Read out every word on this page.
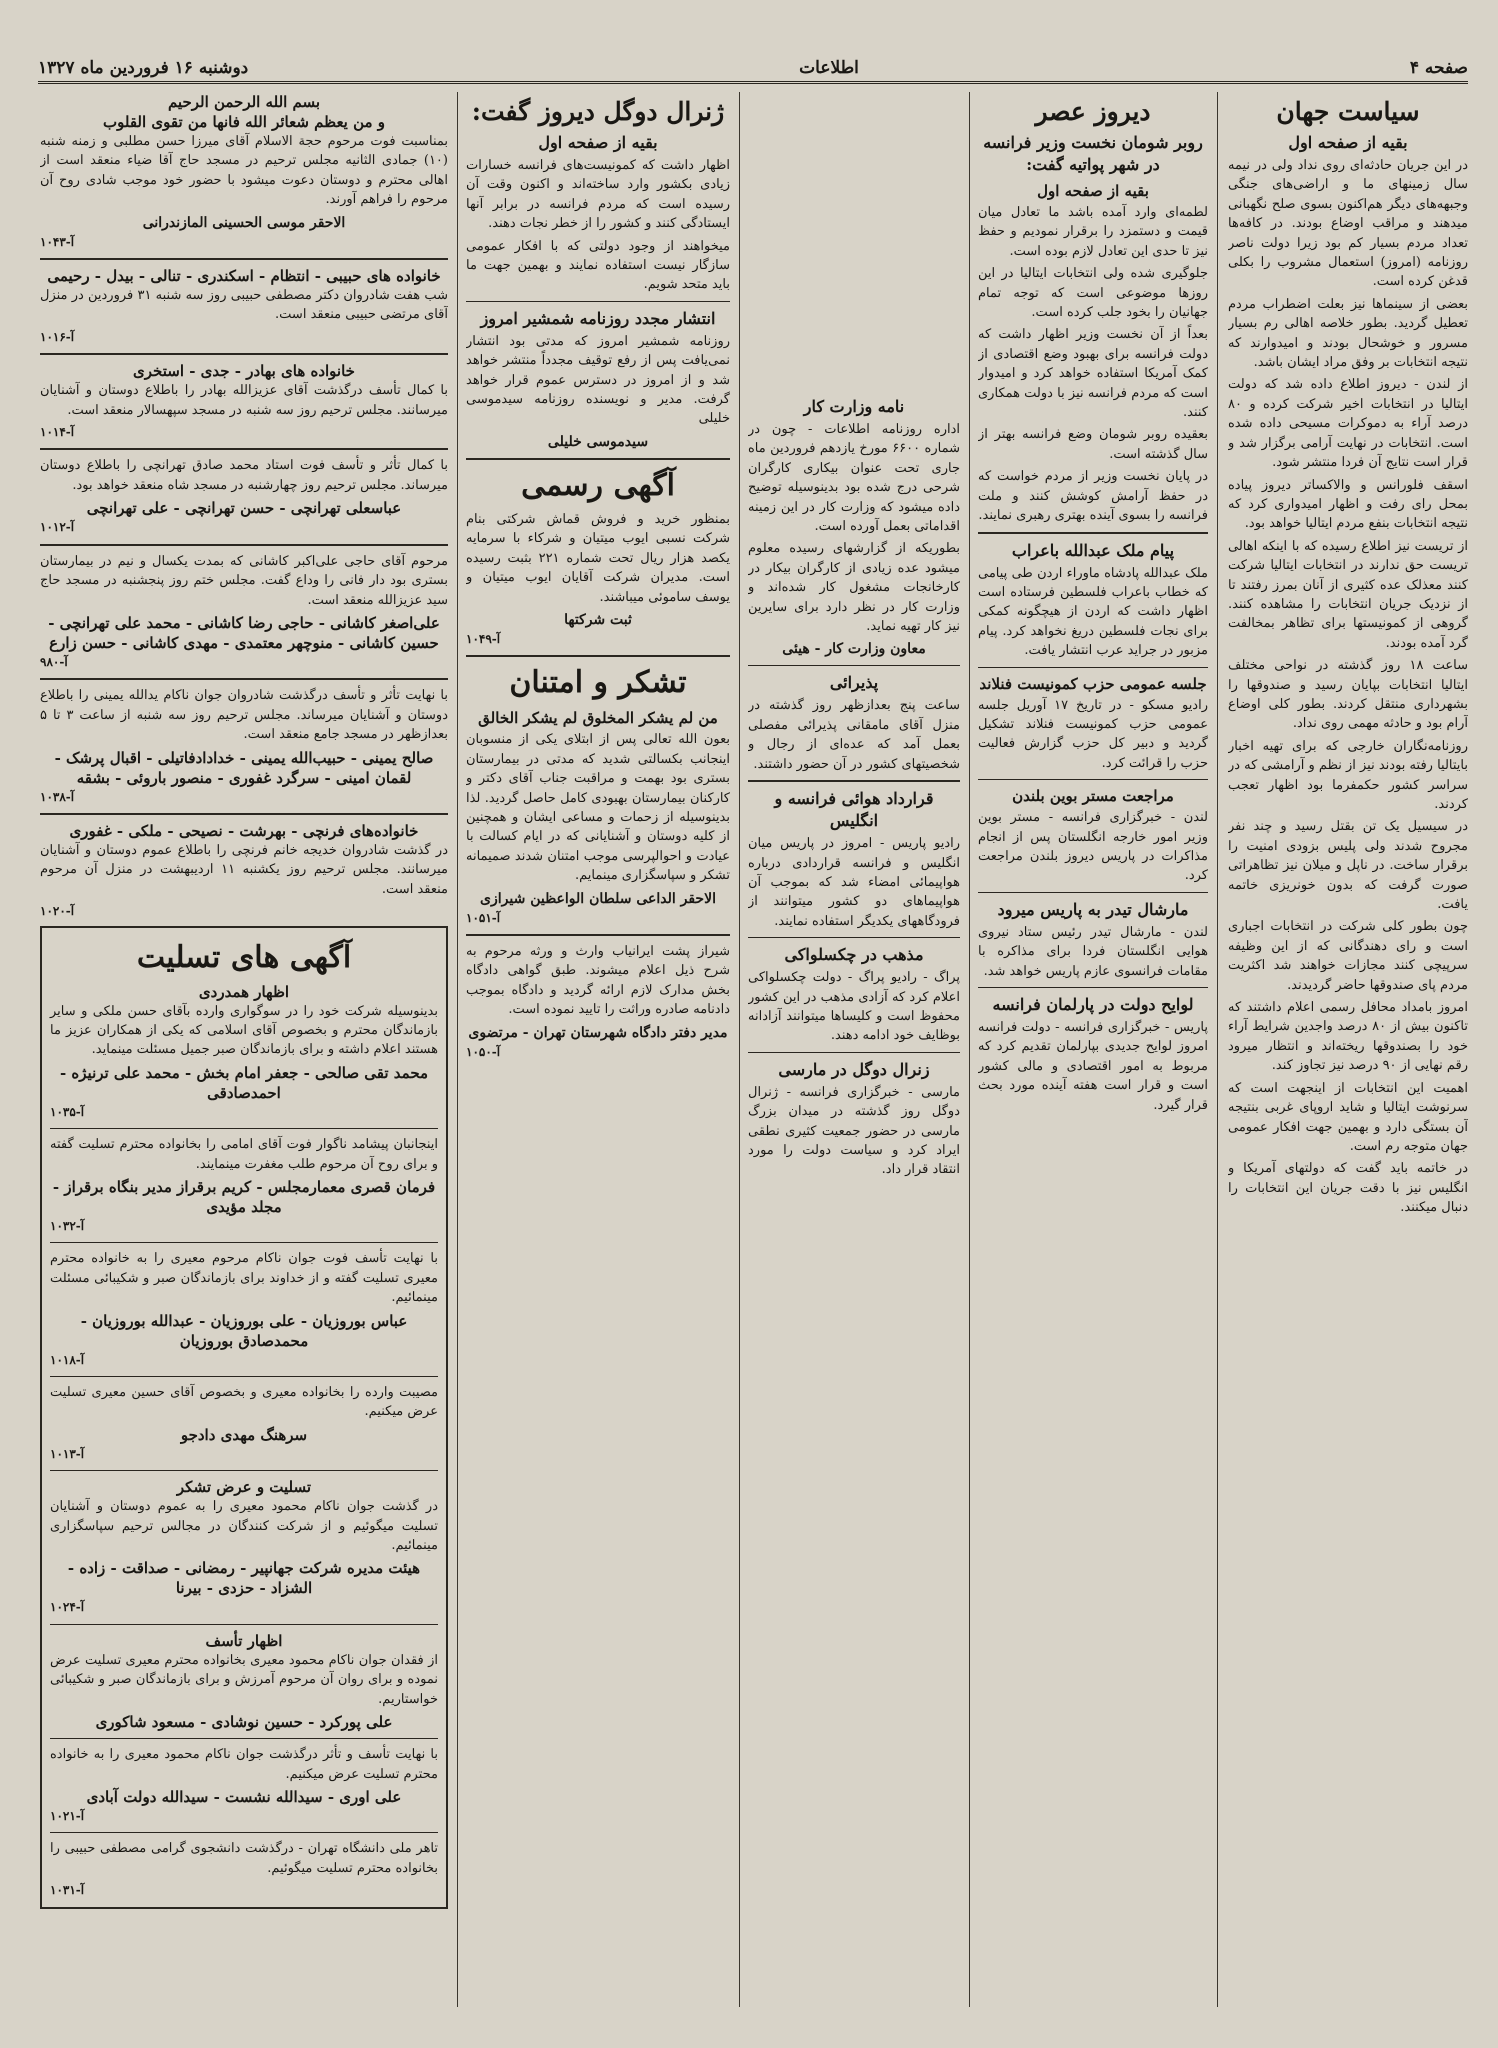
صفحه ۴
اطلاعات
دوشنبه ۱۶ فروردین ماه ۱۳۲۷
سیاست جهان
بقیه از صفحه اول

در این جریان حادثه‌ای روی نداد ولی در نیمه سال زمینهای ما و اراضی‌های جنگی وجبهه‌های دیگر هم‌اکنون بسوی صلح نگهبانی میدهند و مراقب اوضاع بودند. در کافه‌ها تعداد مردم بسیار کم بود زیرا دولت ناصر روزنامه (امروز) استعمال مشروب را بکلی قدغن کرده است.

بعضی از سینماها نیز بعلت اضطراب مردم تعطیل گردید. بطور خلاصه اهالی رم بسیار مسرور و خوشحال بودند و امیدوارند که نتیجه انتخابات بر وفق مراد ایشان باشد.

از لندن - دیروز اطلاع داده شد که دولت ایتالیا در انتخابات اخیر شرکت کرده و ۸۰ درصد آراء به دموکرات مسیحی داده شده است. انتخابات در نهایت آرامی برگزار شد و قرار است نتایج آن فردا منتشر شود.

اسقف فلورانس و والاکساتر دیروز پیاده بمحل رای رفت و اظهار امیدواری کرد که نتیجه انتخابات بنفع مردم ایتالیا خواهد بود.

از تریست نیز اطلاع رسیده که با اینکه اهالی تریست حق ندارند در انتخابات ایتالیا شرکت کنند معذلک عده کثیری از آنان بمرز رفتند تا از نزدیک جریان انتخابات را مشاهده کنند. گروهی از کمونیستها برای تظاهر بمخالفت گرد آمده بودند.

ساعت ۱۸ روز گذشته در نواحی مختلف ایتالیا انتخابات بپایان رسید و صندوقها را بشهرداری منتقل کردند. بطور کلی اوضاع آرام بود و حادثه مهمی روی نداد.

روزنامه‌نگاران خارجی که برای تهیه اخبار بایتالیا رفته بودند نیز از نظم و آرامشی که در سراسر کشور حکمفرما بود اظهار تعجب کردند.

در سیسیل یک تن بقتل رسید و چند نفر مجروح شدند ولی پلیس بزودی امنیت را برقرار ساخت. در ناپل و میلان نیز تظاهراتی صورت گرفت که بدون خونریزی خاتمه یافت.

چون بطور کلی شرکت در انتخابات اجباری است و رای دهندگانی که از این وظیفه سرپیچی کنند مجازات خواهند شد اکثریت مردم پای صندوقها حاضر گردیدند.

امروز بامداد محافل رسمی اعلام داشتند که تاکنون بیش از ۸۰ درصد واجدین شرایط آراء خود را بصندوقها ریخته‌اند و انتظار میرود رقم نهایی از ۹۰ درصد نیز تجاوز کند.

اهمیت این انتخابات از اینجهت است که سرنوشت ایتالیا و شاید اروپای غربی بنتیجه آن بستگی دارد و بهمین جهت افکار عمومی جهان متوجه رم است.

در خاتمه باید گفت که دولتهای آمریکا و انگلیس نیز با دقت جریان این انتخابات را دنبال میکنند.

دیروز عصر
روبر شومان نخست وزیر فرانسه در شهر پواتیه گفت:
بقیه از صفحه اول

لطمه‌ای وارد آمده باشد ما تعادل میان قیمت و دستمزد را برقرار نمودیم و حفظ نیز تا حدی این تعادل لازم بوده است.

جلوگیری شده ولی انتخابات ایتالیا در این روزها موضوعی است که توجه تمام جهانیان را بخود جلب کرده است.

بعداً از آن نخست وزیر اظهار داشت که دولت فرانسه برای بهبود وضع اقتصادی از کمک آمریکا استفاده خواهد کرد و امیدوار است که مردم فرانسه نیز با دولت همکاری کنند.

بعقیده روبر شومان وضع فرانسه بهتر از سال گذشته است.

در پایان نخست وزیر از مردم خواست که در حفظ آرامش کوشش کنند و ملت فرانسه را بسوی آینده بهتری رهبری نمایند.

پیام ملک عبدالله باعراب

ملک عبدالله پادشاه ماوراء اردن طی پیامی که خطاب باعراب فلسطین فرستاده است اظهار داشت که اردن از هیچگونه کمکی برای نجات فلسطین دریغ نخواهد کرد. پیام مزبور در جراید عرب انتشار یافت.

جلسه عمومی حزب کمونیست فنلاند

رادیو مسکو - در تاریخ ۱۷ آوریل جلسه عمومی حزب کمونیست فنلاند تشکیل گردید و دبیر کل حزب گزارش فعالیت حزب را قرائت کرد.

مراجعت مستر بوین بلندن

لندن - خبرگزاری فرانسه - مستر بوین وزیر امور خارجه انگلستان پس از انجام مذاکرات در پاریس دیروز بلندن مراجعت کرد.

مارشال تیدر به پاریس میرود

لندن - مارشال تیدر رئیس ستاد نیروی هوایی انگلستان فردا برای مذاکره با مقامات فرانسوی عازم پاریس خواهد شد.

لوایح دولت در پارلمان فرانسه

پاریس - خبرگزاری فرانسه - دولت فرانسه امروز لوایح جدیدی بپارلمان تقدیم کرد که مربوط به امور اقتصادی و مالی کشور است و قرار است هفته آینده مورد بحث قرار گیرد.

نامه وزارت کار

اداره روزنامه اطلاعات - چون در شماره ۶۶۰۰ مورخ یازدهم فروردین ماه جاری تحت عنوان بیکاری کارگران شرحی درج شده بود بدینوسیله توضیح داده میشود که وزارت کار در این زمینه اقداماتی بعمل آورده است.

بطوریکه از گزارشهای رسیده معلوم میشود عده زیادی از کارگران بیکار در کارخانجات مشغول کار شده‌اند و وزارت کار در نظر دارد برای سایرین نیز کار تهیه نماید.

معاون وزارت کار - هیئی
پذیرائی

ساعت پنج بعدازظهر روز گذشته در منزل آقای مامقانی پذیرائی مفصلی بعمل آمد که عده‌ای از رجال و شخصیتهای کشور در آن حضور داشتند.

قرارداد هوائی فرانسه و انگلیس

رادیو پاریس - امروز در پاریس میان انگلیس و فرانسه قراردادی درباره هواپیمائی امضاء شد که بموجب آن هواپیماهای دو کشور میتوانند از فرودگاههای یکدیگر استفاده نمایند.

مذهب در چکسلواکی

پراگ - رادیو پراگ - دولت چکسلواکی اعلام کرد که آزادی مذهب در این کشور محفوظ است و کلیساها میتوانند آزادانه بوظایف خود ادامه دهند.

زنرال دوگل در مارسی

مارسی - خبرگزاری فرانسه - ژنرال دوگل روز گذشته در میدان بزرگ مارسی در حضور جمعیت کثیری نطقی ایراد کرد و سیاست دولت را مورد انتقاد قرار داد.

ژنرال دوگل دیروز گفت:
بقیه از صفحه اول

اظهار داشت که کمونیست‌های فرانسه خسارات زیادی بکشور وارد ساخته‌اند و اکنون وقت آن رسیده است که مردم فرانسه در برابر آنها ایستادگی کنند و کشور را از خطر نجات دهند.

میخواهند از وجود دولتی که با افکار عمومی سازگار نیست استفاده نمایند و بهمین جهت ما باید متحد شویم.

انتشار مجدد روزنامه شمشیر امروز

روزنامه شمشیر امروز که مدتی بود انتشار نمی‌یافت پس از رفع توقیف مجدداً منتشر خواهد شد و از امروز در دسترس عموم قرار خواهد گرفت. مدیر و نویسنده روزنامه سیدموسی خلیلی

سیدموسی خلیلی
آگهی رسمی

بمنظور خرید و فروش قماش شرکتی بنام شرکت نسبی ایوب میتیان و شرکاء با سرمایه یکصد هزار ریال تحت شماره ۲۲۱ بثبت رسیده است. مدیران شرکت آقایان ایوب میتیان و یوسف ساموئی میباشند.

ثبت شرکتها
آ-۱۰۴۹
تشکر و امتنان
من لم یشکر المخلوق لم یشکر الخالق

بعون الله تعالی پس از ابتلای یکی از منسوبان اینجانب بکسالتی شدید که مدتی در بیمارستان بستری بود بهمت و مراقبت جناب آقای دکتر و کارکنان بیمارستان بهبودی کامل حاصل گردید. لذا بدینوسیله از زحمات و مساعی ایشان و همچنین از کلیه دوستان و آشنایانی که در ایام کسالت با عیادت و احوالپرسی موجب امتنان شدند صمیمانه تشکر و سپاسگزاری مینمایم.

الاحقر الداعی سلطان الواعظین شیرازی
آ-۱۰۵۱

شیراز پشت ایرانیاب وارث و ورثه مرحوم به شرح ذیل اعلام میشوند. طبق گواهی دادگاه بخش مدارک لازم ارائه گردید و دادگاه بموجب دادنامه صادره وراثت را تایید نموده است.

مدیر دفتر دادگاه شهرستان تهران - مرتضوی
آ-۱۰۵۰
بسم الله الرحمن الرحیم
و من یعظم شعائر الله فانها من تقوی القلوب

بمناسبت فوت مرحوم حجة الاسلام آقای میرزا حسن مطلبی و زمنه شنبه (۱۰) جمادی الثانیه مجلس ترحیم در مسجد حاج آقا ضیاء منعقد است از اهالی محترم و دوستان دعوت میشود با حضور خود موجب شادی روح آن مرحوم را فراهم آورند.

الاحقر موسی الحسینی المازندرانی
آ-۱۰۴۳
خانواده های حبیبی - انتظام - اسکندری - تنالی - بیدل - رحیمی

شب هفت شادروان دکتر مصطفی حبیبی روز سه شنبه ۳۱ فروردین در منزل آقای مرتضی حبیبی منعقد است.

آ-۱۰۱۶
خانواده های بهادر - جدی - استخری

با کمال تأسف درگذشت آقای عزیزالله بهادر را باطلاع دوستان و آشنایان میرسانند. مجلس ترحیم روز سه شنبه در مسجد سپهسالار منعقد است.

آ-۱۰۱۴

با کمال تأثر و تأسف فوت استاد محمد صادق تهرانچی را باطلاع دوستان میرساند. مجلس ترحیم روز چهارشنبه در مسجد شاه منعقد خواهد بود.

عباسعلی تهرانچی - حسن تهرانچی - علی تهرانچی
آ-۱۰۱۲

مرحوم آقای حاجی علی‌اکبر کاشانی که بمدت یکسال و نیم در بیمارستان بستری بود دار فانی را وداع گفت. مجلس ختم روز پنجشنبه در مسجد حاج سید عزیزالله منعقد است.

علی‌اصغر کاشانی - حاجی رضا کاشانی - محمد علی تهرانچی - حسین کاشانی - منوچهر معتمدی - مهدی کاشانی - حسن زارع
آ-۹۸۰

با نهایت تأثر و تأسف درگذشت شادروان جوان ناکام یدالله یمینی را باطلاع دوستان و آشنایان میرساند. مجلس ترحیم روز سه شنبه از ساعت ۳ تا ۵ بعدازظهر در مسجد جامع منعقد است.

صالح یمینی - حبیب‌الله یمینی - خدادادفاتیلی - اقبال پرشک - لقمان امینی - سرگرد غفوری - منصور باروئی - بشقه
آ-۱۰۳۸
خانواده‌های فرنچی - بهرشت - نصیحی - ملکی - غفوری

در گذشت شادروان خدیجه خانم فرنچی را باطلاع عموم دوستان و آشنایان میرسانند. مجلس ترحیم روز یکشنبه ۱۱ اردیبهشت در منزل آن مرحوم منعقد است.

آ-۱۰۲۰
آگهی های تسلیت
اظهار همدردی

بدینوسیله شرکت خود را در سوگواری وارده بآقای حسن ملکی و سایر بازماندگان محترم و بخصوص آقای اسلامی که یکی از همکاران عزیز ما هستند اعلام داشته و برای بازماندگان صبر جمیل مسئلت مینماید.

محمد تقی صالحی - جعفر امام بخش - محمد علی ترنیژه - احمدصادقی
آ-۱۰۳۵

اینجانبان پیشامد ناگوار فوت آقای امامی را بخانواده محترم تسلیت گفته و برای روح آن مرحوم طلب مغفرت مینمایند.

فرمان قصری معمارمجلس - کریم برقراز مدیر بنگاه برقراز - مجلد مؤیدی
آ-۱۰۳۲

با نهایت تأسف فوت جوان ناکام مرحوم معیری را به خانواده محترم معیری تسلیت گفته و از خداوند برای بازماندگان صبر و شکیبائی مسئلت مینمائیم.

عباس بوروزیان - علی بوروزیان - عبدالله بوروزیان - محمدصادق بوروزیان
آ-۱۰۱۸

مصیبت وارده را بخانواده معیری و بخصوص آقای حسین معیری تسلیت عرض میکنیم.

سرهنگ مهدی دادجو
آ-۱۰۱۳
تسلیت و عرض تشکر

در گذشت جوان ناکام محمود معیری را به عموم دوستان و آشنایان تسلیت میگوئیم و از شرکت کنندگان در مجالس ترحیم سپاسگزاری مینمائیم.

هیئت مدیره شرکت جهانپیر - رمضانی - صداقت - زاده - الشزاد - حزدی - بیرنا
آ-۱۰۲۴
اظهار تأسف

از فقدان جوان ناکام محمود معیری بخانواده محترم معیری تسلیت عرض نموده و برای روان آن مرحوم آمرزش و برای بازماندگان صبر و شکیبائی خواستاریم.

علی پورکرد - حسین نوشادی - مسعود شاکوری

با نهایت تأسف و تأثر درگذشت جوان ناکام محمود معیری را به خانواده محترم تسلیت عرض میکنیم.

علی اوری - سیدالله نشست - سیدالله دولت آبادی
آ-۱۰۲۱

تاهر ملی دانشگاه تهران - درگذشت دانشجوی گرامی مصطفی حبیبی را بخانواده محترم تسلیت میگوئیم.

آ-۱۰۳۱
